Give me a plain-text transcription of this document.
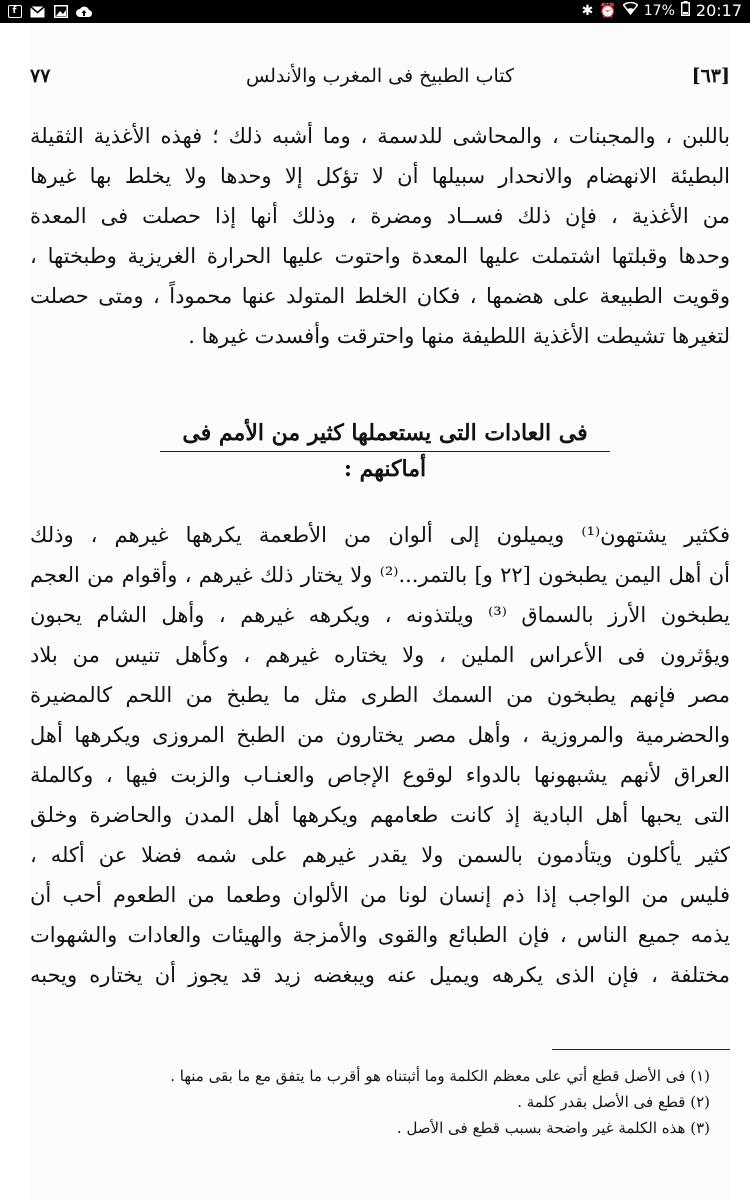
f	✱ ⏰ 17% 20:17
[٦٣]
كتاب الطبيخ فى المغرب والأندلس
٧٧
باللبن ، والمجبنات ، والمحاشى للدسمة ، وما أشبه ذلك ؛ فهذه الأغذية الثقيلة
البطيئة الانهضام والانحدار سبيلها أن لا تؤكل إلا وحدها ولا يخلط بها غيرها
من الأغذية ، فإن ذلك فســاد ومضرة ، وذلك أنها إذا حصلت فى المعدة
وحدها وقبلتها اشتملت عليها المعدة واحتوت عليها الحرارة الغريزية وطبختها ،
وقويت الطبيعة على هضمها ، فكان الخلط المتولد عنها محموداً ، ومتى حصلت
لتغيرها تشيطت الأغذية اللطيفة منها واحترقت وأفسدت غيرها .
فى العادات التى يستعملها كثير من الأمم فى أماكنهم :
فكثير يشتهون⁽¹⁾ ويميلون إلى ألوان من الأطعمة يكرهها غيرهم ، وذلك
أن أهل اليمن يطبخون [٢٢ و] بالتمر...⁽²⁾ ولا يختار ذلك غيرهم ، وأقوام من العجم
يطبخون الأرز بالسماق ⁽³⁾ ويلتذونه ، ويكرهه غيرهم ، وأهل الشام يحبون
ويؤثرون فى الأعراس الملين ، ولا يختاره غيرهم ، وكأهل تنيس من بلاد
مصر فإنهم يطبخون من السمك الطرى مثل ما يطبخ من اللحم كالمضيرة
والحضرمية والمروزية ، وأهل مصر يختارون من الطبخ المروزى ويكرهها أهل
العراق لأنهم يشبهونها بالدواء لوقوع الإجاص والعنـاب والزبت فيها ، وكالملة
التى يحبها أهل البادية إذ كانت طعامهم ويكرهها أهل المدن والحاضرة وخلق
كثير يأكلون ويتأدمون بالسمن ولا يقدر غيرهم على شمه فضلا عن أكله ،
فليس من الواجب إذا ذم إنسان لونا من الألوان وطعما من الطعوم أحب أن
يذمه جميع الناس ، فإن الطبائع والقوى والأمزجة والهيئات والعادات والشهوات
مختلفة ، فإن الذى يكرهه ويميل عنه ويبغضه زيد قد يجوز أن يختاره ويحبه
(١) فى الأصل قطع أتي على معظم الكلمة وما أثبتناه هو أقرب ما يتفق مع ما بقى منها .
(٢) قطع فى الأصل بقدر كلمة .
(٣) هذه الكلمة غير واضحة بسبب قطع فى الأصل .
